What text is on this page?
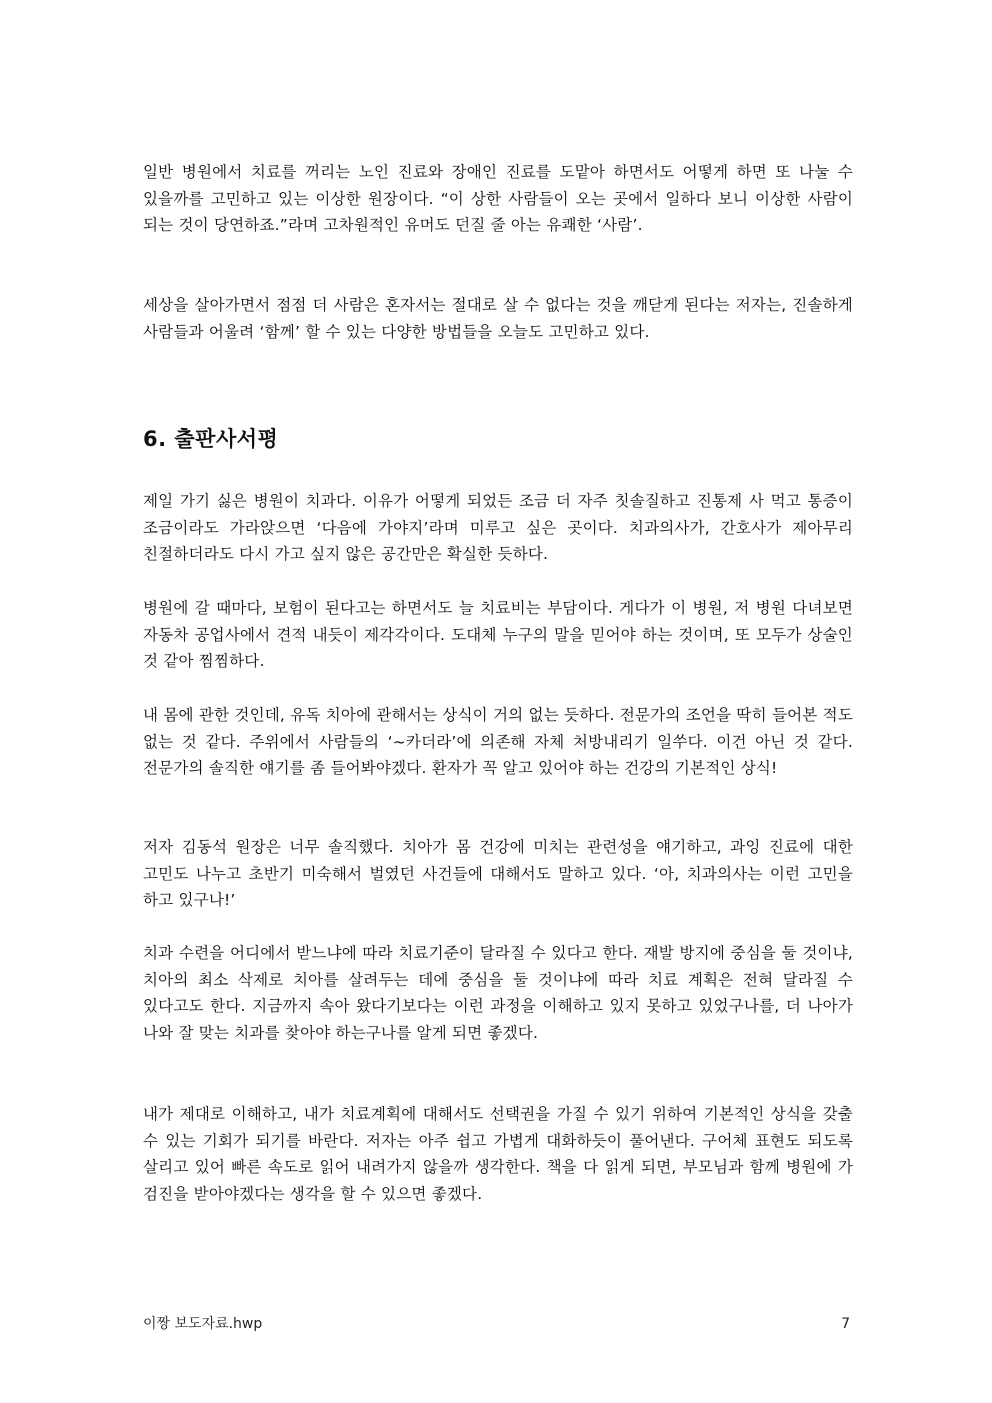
일반 병원에서 치료를 꺼리는 노인 진료와 장애인 진료를 도맡아 하면서도 어떻게 하면 또 나눌 수 있을까를 고민하고 있는 이상한 원장이다. “이 상한 사람들이 오는 곳에서 일하다 보니 이상한 사람이 되는 것이 당연하죠.”라며 고차원적인 유머도 던질 줄 아는 유쾌한 ‘사람’.

세상을 살아가면서 점점 더 사람은 혼자서는 절대로 살 수 없다는 것을 깨닫게 된다는 저자는, 진솔하게 사람들과 어울려 ‘함께’ 할 수 있는 다양한 방법들을 오늘도 고민하고 있다.

6. 출판사서평

제일 가기 싫은 병원이 치과다. 이유가 어떻게 되었든 조금 더 자주 칫솔질하고 진통제 사 먹고 통증이 조금이라도 가라앉으면 ‘다음에 가야지’라며 미루고 싶은 곳이다. 치과의사가, 간호사가 제아무리 친절하더라도 다시 가고 싶지 않은 공간만은 확실한 듯하다.

병원에 갈 때마다, 보험이 된다고는 하면서도 늘 치료비는 부담이다. 게다가 이 병원, 저 병원 다녀보면 자동차 공업사에서 견적 내듯이 제각각이다. 도대체 누구의 말을 믿어야 하는 것이며, 또 모두가 상술인 것 같아 찜찜하다.

내 몸에 관한 것인데, 유독 치아에 관해서는 상식이 거의 없는 듯하다. 전문가의 조언을 딱히 들어본 적도 없는 것 같다. 주위에서 사람들의 ‘~카더라’에 의존해 자체 처방내리기 일쑤다. 이건 아닌 것 같다. 전문가의 솔직한 얘기를 좀 들어봐야겠다. 환자가 꼭 알고 있어야 하는 건강의 기본적인 상식!

저자 김동석 원장은 너무 솔직했다. 치아가 몸 건강에 미치는 관련성을 얘기하고, 과잉 진료에 대한 고민도 나누고 초반기 미숙해서 벌였던 사건들에 대해서도 말하고 있다. ‘아, 치과의사는 이런 고민을 하고 있구나!’

치과 수련을 어디에서 받느냐에 따라 치료기준이 달라질 수 있다고 한다. 재발 방지에 중심을 둘 것이냐, 치아의 최소 삭제로 치아를 살려두는 데에 중심을 둘 것이냐에 따라 치료 계획은 전혀 달라질 수 있다고도 한다. 지금까지 속아 왔다기보다는 이런 과정을 이해하고 있지 못하고 있었구나를, 더 나아가 나와 잘 맞는 치과를 찾아야 하는구나를 알게 되면 좋겠다.

내가 제대로 이해하고, 내가 치료계획에 대해서도 선택권을 가질 수 있기 위하여 기본적인 상식을 갖출 수 있는 기회가 되기를 바란다. 저자는 아주 쉽고 가볍게 대화하듯이 풀어낸다. 구어체 표현도 되도록 살리고 있어 빠른 속도로 읽어 내려가지 않을까 생각한다. 책을 다 읽게 되면, 부모님과 함께 병원에 가 검진을 받아야겠다는 생각을 할 수 있으면 좋겠다.

이짱 보도자료.hwp	7
